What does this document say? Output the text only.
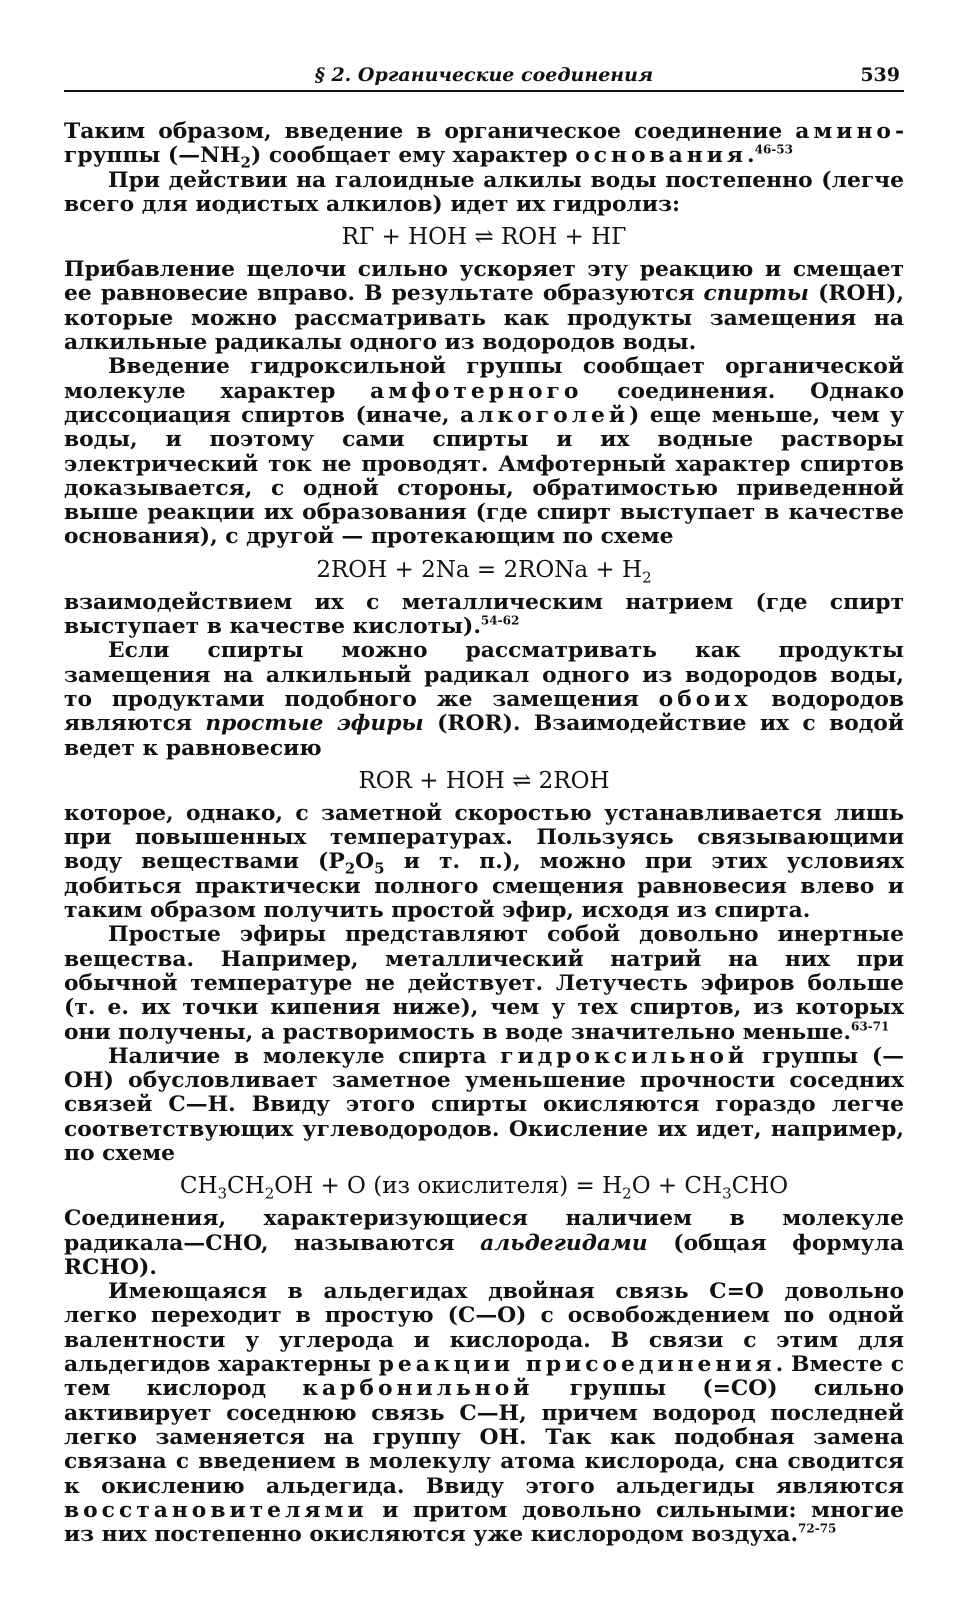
§ 2. Органические соединения	539

Таким образом, введение в органическое соединение амино-группы $(—NH_2)$ сообщает ему характер основания.$^{46-53}$

При действии на галоидные алкилы воды постепенно (легче всего для иодистых алкилов) идет их гидролиз:

RГ + HOH ⇌ ROH + HГ

Прибавление щелочи сильно ускоряет эту реакцию и смещает ее равновесие вправо. В результате образуются спирты (ROH), которые можно рассматривать как продукты замещения на алкильные радикалы одного из водородов воды.

Введение гидроксильной группы сообщает органической молекуле характер амфотерного соединения. Однако диссоциация спиртов (иначе, алкоголей) еще меньше, чем у воды, и поэтому сами спирты и их водные растворы электрический ток не проводят. Амфотерный характер спиртов доказывается, с одной стороны, обратимостью приведенной выше реакции их образования (где спирт выступает в качестве основания), с другой — протекающим по схеме

2ROH + 2Na = 2RONa + $H_2$

взаимодействием их с металлическим натрием (где спирт выступает в качестве кислоты).$^{54-62}$

Если спирты можно рассматривать как продукты замещения на алкильный радикал одного из водородов воды, то продуктами подобного же замещения обоих водородов являются простые эфиры (ROR). Взаимодействие их с водой ведет к равновесию

ROR + HOH ⇌ 2ROH

которое, однако, с заметной скоростью устанавливается лишь при повышенных температурах. Пользуясь связывающими воду веществами ($P_2O_5$ и т. п.), можно при этих условиях добиться практически полного смещения равновесия влево и таким образом получить простой эфир, исходя из спирта.

Простые эфиры представляют собой довольно инертные вещества. Например, металлический натрий на них при обычной температуре не действует. Летучесть эфиров больше (т. е. их точки кипения ниже), чем у тех спиртов, из которых они получены, а растворимость в воде значительно меньше.$^{63-71}$

Наличие в молекуле спирта гидроксильной группы (—OH) обусловливает заметное уменьшение прочности соседних связей C—H. Ввиду этого спирты окисляются гораздо легче соответствующих углеводородов. Окисление их идет, например, по схеме

$CH_3CH_2OH + O$ (из окислителя) = $H_2O + CH_3CHO$

Соединения, характеризующиеся наличием в молекуле радикала—CHO, называются альдегидами (общая формула RCHO).

Имеющаяся в альдегидах двойная связь C=O довольно легко переходит в простую (C—O) с освобождением по одной валентности у углерода и кислорода. В связи с этим для альдегидов характерны реакции присоединения. Вместе с тем кислород карбонильной группы (=CO) сильно активирует соседнюю связь C—H, причем водород последней легко заменяется на группу OH. Так как подобная замена связана с введением в молекулу атома кислорода, сна сводится к окислению альдегида. Ввиду этого альдегиды являются восстановителями и притом довольно сильными: многие из них постепенно окисляются уже кислородом воздуха.$^{72-75}$
